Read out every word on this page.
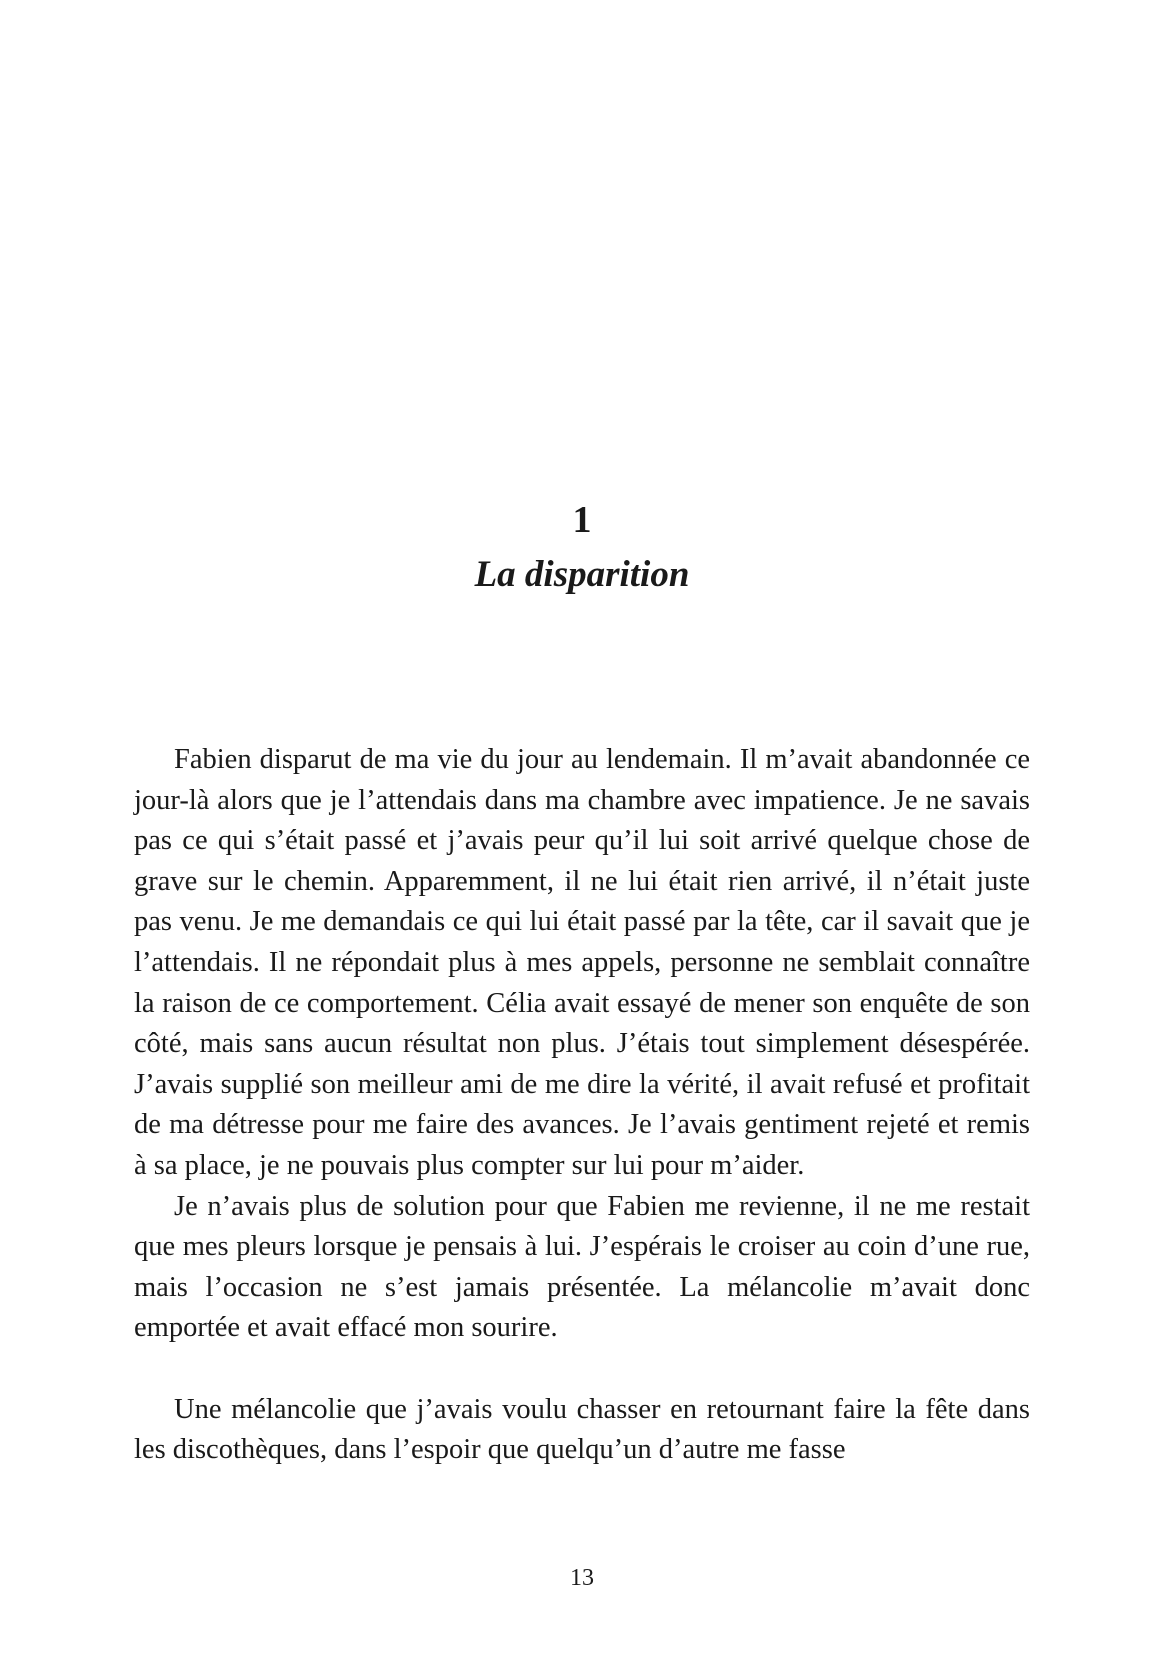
1
La disparition

Fabien disparut de ma vie du jour au lendemain. Il m’avait abandonnée ce jour-là alors que je l’attendais dans ma chambre avec impatience. Je ne savais pas ce qui s’était passé et j’avais peur qu’il lui soit arrivé quelque chose de grave sur le chemin. Apparemment, il ne lui était rien arrivé, il n’était juste pas venu. Je me demandais ce qui lui était passé par la tête, car il savait que je l’attendais. Il ne répondait plus à mes appels, personne ne semblait connaître la raison de ce comportement. Célia avait essayé de mener son enquête de son côté, mais sans aucun résultat non plus. J’étais tout simplement désespérée. J’avais supplié son meilleur ami de me dire la vérité, il avait refusé et profitait de ma détresse pour me faire des avances. Je l’avais gentiment rejeté et remis à sa place, je ne pouvais plus compter sur lui pour m’aider.

Je n’avais plus de solution pour que Fabien me revienne, il ne me restait que mes pleurs lorsque je pensais à lui. J’espérais le croiser au coin d’une rue, mais l’occasion ne s’est jamais présentée. La mélancolie m’avait donc emportée et avait effacé mon sourire.

Une mélancolie que j’avais voulu chasser en retournant faire la fête dans les discothèques, dans l’espoir que quelqu’un d’autre me fasse

13
